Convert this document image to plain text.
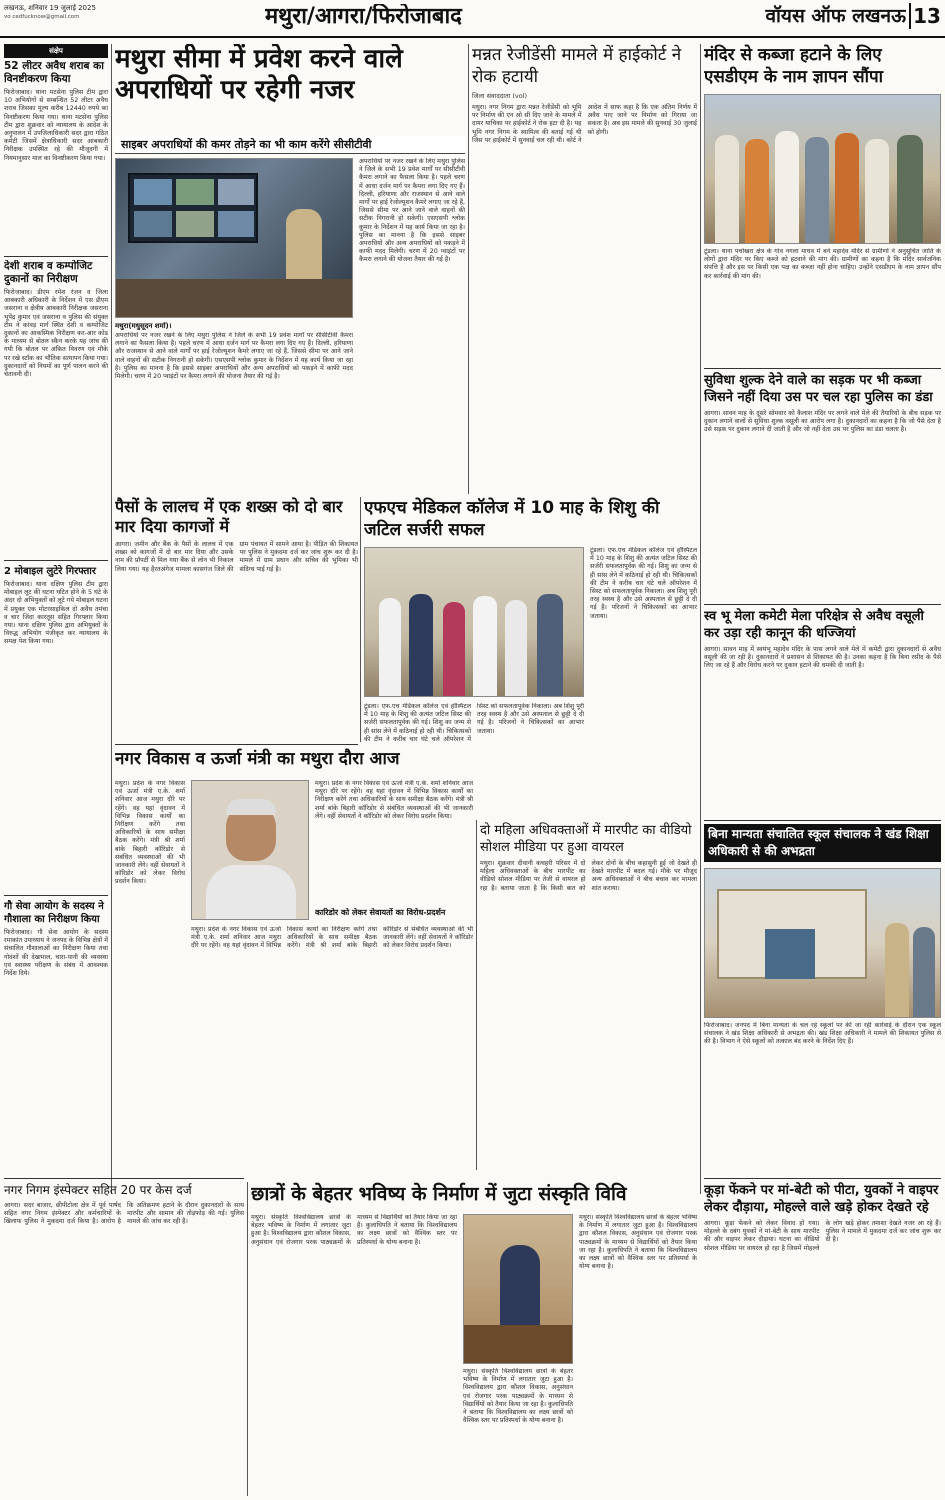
लखनऊ, शनिवार 19 जुलाई 2025
vo cedfucknow@gmail.com	मथुरा/आगरा/फिरोजाबाद	वॉयस ऑफ लखनऊ 13
संक्षेप
52 लीटर अवैध शराब का विनष्टीकरण किया
फिरोजाबाद। थाना मटसेना पुलिस टीम द्वारा 10 अभियोगों से सम्बन्धित 52 लीटर अवैध शराब जिसका मूल्य करीब 12440 रुपये का विनष्टीकरण किया गया। थाना मटसेना पुलिस टीम द्वारा शुक्रवार को न्यायालय के आदेश के अनुपालन में उपजिलाधिकारी सदर द्वारा गठित कमेटी जिसमें क्षेत्राधिकारी सदर आबकारी निरीक्षक उपस्थित रहे की मौजूदगी में नियमानुसार माल का विनष्टीकरण किया गया।
देशी शराब व कम्पोजिट दुकानों का निरीक्षण
फिरोजाबाद। डीएम रमेश रंजन व जिला आबकारी अधिकारी के निर्देशन में एस डीएम जसराना व क्षेत्रीय आबकारी निरीक्षक जसराना भूपेंद्र कुमार एवं जसराना व पुलिस की संयुक्त टीम ने कांवड़ मार्ग स्थित देशी व कम्पोजिट दुकानों का आकस्मिक निरीक्षण कर-आर कोड के माध्यम से बोतल स्कैन करके यह जांच की गयी कि बोतल पर अंकित विवरण एवं मौके पर रखे स्टॉक का भौतिक सत्यापन किया गया। दुकानदारों को नियमों का पूर्ण पालन करने की चेतावनी दी।
2 मोबाइल लुटेरे गिरफ्तार
फिरोजाबाद। थाना दक्षिण पुलिस टीम द्वारा मोबाइल लूट की घटना घटित होने के 5 घंटे के अंदर दो अभियुक्तों को लूटे गये मोबाइल घटना में प्रयुक्त एक मोटरसाइकिल दो अवैध तमंचा व चार जिंदा कारतूस सहित गिरफ्तार किया गया। थाना दक्षिण पुलिस द्वारा अभियुक्तों के विरुद्ध अभियोग पंजीकृत कर न्यायालय के समक्ष पेश किया गया।
गौ सेवा आयोग के सदस्य ने गौशाला का निरीक्षण किया
फिरोजाबाद। गौ सेवा आयोग के सदस्य रमाकांत उपाध्याय ने जनपद के विभिन्न क्षेत्रों में संचालित गौशालाओं का निरीक्षण किया तथा गोवंशों की देखभाल, चारा-पानी की व्यवस्था एवं स्वास्थ्य परीक्षण के संबंध में आवश्यक निर्देश दिये।
मथुरा सीमा में प्रवेश करने वाले अपराधियों पर रहेगी नजर
साइबर अपराधियों की कमर तोड़ने का भी काम करेंगे सीसीटीवी
मथुरा(मधुसूदन शर्मा)।
अपराधियों पर नजर रखने के लिए मथुरा पुलिस ने जिले के सभी 19 प्रवेश मार्गों पर सीसीटीवी कैमरा लगाने का फैसला किया है। पहले चरण में आधा दर्जन मार्ग पर कैमरा लगा दिए गए हैं। दिल्ली, हरियाणा और राजस्थान से आने वाले मार्गों पर हाई रेजोल्यूशन कैमरे लगाए जा रहे हैं, जिससे सीमा पर आने जाने वाले वाहनों की सटीक निगरानी हो सकेगी। एसएसपी श्लोक कुमार के निर्देशन में यह कार्य किया जा रहा है। पुलिस का मानना है कि इससे साइबर अपराधियों और अन्य अपराधियों को पकड़ने में काफी मदद मिलेगी। चरण में 20 प्वाइंटों पर कैमरा लगाने की योजना तैयार की गई है।
अपराधियों पर नजर रखने के लिए मथुरा पुलिस ने जिले के सभी 19 प्रवेश मार्गों पर सीसीटीवी कैमरा लगाने का फैसला किया है। पहले चरण में आधा दर्जन मार्ग पर कैमरा लगा दिए गए हैं। दिल्ली, हरियाणा और राजस्थान से आने वाले मार्गों पर हाई रेजोल्यूशन कैमरे लगाए जा रहे हैं, जिससे सीमा पर आने जाने वाले वाहनों की सटीक निगरानी हो सकेगी। एसएसपी श्लोक कुमार के निर्देशन में यह कार्य किया जा रहा है। पुलिस का मानना है कि इससे साइबर अपराधियों और अन्य अपराधियों को पकड़ने में काफी मदद मिलेगी। चरण में 20 प्वाइंटों पर कैमरा लगाने की योजना तैयार की गई है।
मन्नत रेजीडेंसी मामले में हाईकोर्ट ने रोक हटायी
जिला संवाददाता (vol)
मथुरा। नगर निगम द्वारा मन्नत रेजीडेंसी को भूमि पर निर्माण की एन ओ सी दिए जाने के मामले में दायर याचिका पर हाईकोर्ट ने रोक हटा दी है। यह भूमि नगर निगम के स्वामित्व की बताई गई थी जिस पर हाईकोर्ट में सुनवाई चल रही थी। कोर्ट ने आदेश में साफ कहा है कि एक अंतिम निर्णय में अवैध पाए जाने पर निर्माण को गिराया जा सकता है। अब इस मामले की सुनवाई 30 जुलाई को होगी।
पैसों के लालच में एक शख्स को दो बार मार दिया कागजों में
आगरा। जमीन और बैंक के पैसों के लालच में एक शख्स को कागजों में दो बार मार दिया और उसके नाम की प्रॉपर्टी से मिल गया बैंक से लोन भी निकाल लिया गया। यह हैरतअंगेज मामला कासगंज जिले की ग्राम पंचायत में सामने आया है। पीड़ित की शिकायत पर पुलिस ने मुकदमा दर्ज कर जांच शुरू कर दी है। मामले में ग्राम प्रधान और सचिव की भूमिका भी संदिग्ध पाई गई है।
एफएच मेडिकल कॉलेज में 10 माह के शिशु की जटिल सर्जरी सफल
टूंडला। एफ.एच मेडिकल कॉलेज एवं हॉस्पिटल में 10 माह के शिशु की अत्यंत जटिल सिस्ट की सर्जरी सफलतापूर्वक की गई। शिशु का जन्म से ही सांस लेने में कठिनाई हो रही थी। चिकित्सकों की टीम ने करीब चार घंटे चले ऑपरेशन में सिस्ट को सफलतापूर्वक निकाला। अब शिशु पूरी तरह स्वस्थ है और उसे अस्पताल से छुट्टी दे दी गई है। परिजनों ने चिकित्सकों का आभार जताया।
टूंडला। एफ.एच मेडिकल कॉलेज एवं हॉस्पिटल में 10 माह के शिशु की अत्यंत जटिल सिस्ट की सर्जरी सफलतापूर्वक की गई। शिशु का जन्म से ही सांस लेने में कठिनाई हो रही थी। चिकित्सकों की टीम ने करीब चार घंटे चले ऑपरेशन में सिस्ट को सफलतापूर्वक निकाला। अब शिशु पूरी तरह स्वस्थ है और उसे अस्पताल से छुट्टी दे दी गई है। परिजनों ने चिकित्सकों का आभार जताया।
नगर विकास व ऊर्जा मंत्री का मथुरा दौरा आज
मथुरा। प्रदेश के नगर विकास एवं ऊर्जा मंत्री ए.के. शर्मा शनिवार आज मथुरा दौरे पर रहेंगे। वह यहां वृंदावन में विभिन्न विकास कार्यों का निरीक्षण करेंगे तथा अधिकारियों के साथ समीक्षा बैठक करेंगे। मंत्री श्री शर्मा बांके बिहारी कॉरिडोर से संबंधित व्यवस्थाओं की भी जानकारी लेंगे। वहीं सेवायतों ने कॉरिडोर को लेकर विरोध प्रदर्शन किया।
कारिडोर को लेकर सेवायतों का विरोध-प्रदर्शन
मथुरा। प्रदेश के नगर विकास एवं ऊर्जा मंत्री ए.के. शर्मा शनिवार आज मथुरा दौरे पर रहेंगे। वह यहां वृंदावन में विभिन्न विकास कार्यों का निरीक्षण करेंगे तथा अधिकारियों के साथ समीक्षा बैठक करेंगे। मंत्री श्री शर्मा बांके बिहारी कॉरिडोर से संबंधित व्यवस्थाओं की भी जानकारी लेंगे। वहीं सेवायतों ने कॉरिडोर को लेकर विरोध प्रदर्शन किया।
मथुरा। प्रदेश के नगर विकास एवं ऊर्जा मंत्री ए.के. शर्मा शनिवार आज मथुरा दौरे पर रहेंगे। वह यहां वृंदावन में विभिन्न विकास कार्यों का निरीक्षण करेंगे तथा अधिकारियों के साथ समीक्षा बैठक करेंगे। मंत्री श्री शर्मा बांके बिहारी कॉरिडोर से संबंधित व्यवस्थाओं की भी जानकारी लेंगे। वहीं सेवायतों ने कॉरिडोर को लेकर विरोध प्रदर्शन किया।
दो महिला अधिवक्ताओं में मारपीट का वीडियो सोशल मीडिया पर हुआ वायरल
मथुरा। शुक्रवार दीवानी कचहरी परिसर में दो महिला अधिवक्ताओं के बीच मारपीट का वीडियो सोशल मीडिया पर तेजी से वायरल हो रहा है। बताया जाता है कि किसी बात को लेकर दोनों के बीच कहासुनी हुई जो देखते ही देखते मारपीट में बदल गई। मौके पर मौजूद अन्य अधिवक्ताओं ने बीच बचाव कर मामला शांत कराया।
नगर निगम इंस्पेक्टर सहित 20 पर केस दर्ज
आगरा। सदर बाजार, छीपीटोला क्षेत्र में पूर्व पार्षद सहित नगर निगम इंस्पेक्टर और कर्मचारियों के खिलाफ पुलिस ने मुकदमा दर्ज किया है। आरोप है कि अतिक्रमण हटाने के दौरान दुकानदारों के साथ मारपीट और सामान की तोड़फोड़ की गई। पुलिस मामले की जांच कर रही है।
छात्रों के बेहतर भविष्य के निर्माण में जुटा संस्कृति विवि
मथुरा। संस्कृति विश्वविद्यालय छात्रों के बेहतर भविष्य के निर्माण में लगातार जुटा हुआ है। विश्वविद्यालय द्वारा कौशल विकास, अनुसंधान एवं रोजगार परक पाठ्यक्रमों के माध्यम से विद्यार्थियों को तैयार किया जा रहा है। कुलाधिपति ने बताया कि विश्वविद्यालय का लक्ष्य छात्रों को वैश्विक स्तर पर प्रतिस्पर्धा के योग्य बनाना है।
मथुरा। संस्कृति विश्वविद्यालय छात्रों के बेहतर भविष्य के निर्माण में लगातार जुटा हुआ है। विश्वविद्यालय द्वारा कौशल विकास, अनुसंधान एवं रोजगार परक पाठ्यक्रमों के माध्यम से विद्यार्थियों को तैयार किया जा रहा है। कुलाधिपति ने बताया कि विश्वविद्यालय का लक्ष्य छात्रों को वैश्विक स्तर पर प्रतिस्पर्धा के योग्य बनाना है।
मथुरा। संस्कृति विश्वविद्यालय छात्रों के बेहतर भविष्य के निर्माण में लगातार जुटा हुआ है। विश्वविद्यालय द्वारा कौशल विकास, अनुसंधान एवं रोजगार परक पाठ्यक्रमों के माध्यम से विद्यार्थियों को तैयार किया जा रहा है। कुलाधिपति ने बताया कि विश्वविद्यालय का लक्ष्य छात्रों को वैश्विक स्तर पर प्रतिस्पर्धा के योग्य बनाना है।
मंदिर से कब्जा हटाने के लिए एसडीएम के नाम ज्ञापन सौंपा
टूंडला। थाना पचोखरा क्षेत्र के गांव नगला माधव में बने महादेव मंदिर से ग्रामीणों ने अनुसूचित जाति के लोगों द्वारा मंदिर पर किए कब्जे को हटवाने की मांग की। ग्रामीणों का कहना है कि मंदिर सार्वजनिक संपत्ति है और इस पर किसी एक पक्ष का कब्जा नहीं होना चाहिए। उन्होंने एसडीएम के नाम ज्ञापन सौंप कर कार्रवाई की मांग की।
सुविधा शुल्क देने वाले का सड़क पर भी कब्जा जिसने नहीं दिया उस पर चल रहा पुलिस का डंडा
आगरा। सावन माह के दूसरे सोमवार को कैलाश मंदिर पर लगने वाले मेले की तैयारियों के बीच सड़क पर दुकान लगाने वालों से सुविधा शुल्क वसूली का आरोप लगा है। दुकानदारों का कहना है कि जो पैसे देता है उसे सड़क पर दुकान लगाने दी जाती है और जो नहीं देता उस पर पुलिस का डंडा चलता है।
स्व भू मेला कमेटी मेला परिक्षेत्र से अवैध वसूली कर उड़ा रही कानून की धज्जियां
आगरा। सावन माह में स्वयंभू महादेव मंदिर के पास लगने वाले मेले में कमेटी द्वारा दुकानदारों से अवैध वसूली की जा रही है। दुकानदारों ने प्रशासन से शिकायत की है। उनका कहना है कि बिना रसीद के पैसे लिए जा रहे हैं और विरोध करने पर दुकान हटाने की धमकी दी जाती है।
बिना मान्यता संचालित स्कूल संचालक ने खंड शिक्षा अधिकारी से की अभद्रता
फिरोजाबाद। जनपद में बिना मान्यता के चल रहे स्कूलों पर की जा रही कार्रवाई के दौरान एक स्कूल संचालक ने खंड शिक्षा अधिकारी से अभद्रता की। खंड शिक्षा अधिकारी ने मामले की शिकायत पुलिस से की है। विभाग ने ऐसे स्कूलों को तत्काल बंद करने के निर्देश दिए हैं।
कूड़ा फेंकने पर मां-बेटी को पीटा, युवकों ने वाइपर लेकर दौड़ाया, मोहल्ले वाले खड़े होकर देखते रहे
आगरा। कूड़ा फेंकने को लेकर विवाद हो गया। मोहल्ले के दबंग युवकों ने मां-बेटी के साथ मारपीट की और वाइपर लेकर दौड़ाया। घटना का वीडियो सोशल मीडिया पर वायरल हो रहा है जिसमें मोहल्ले के लोग खड़े होकर तमाशा देखते नजर आ रहे हैं। पुलिस ने मामले में मुकदमा दर्ज कर जांच शुरू कर दी है।
